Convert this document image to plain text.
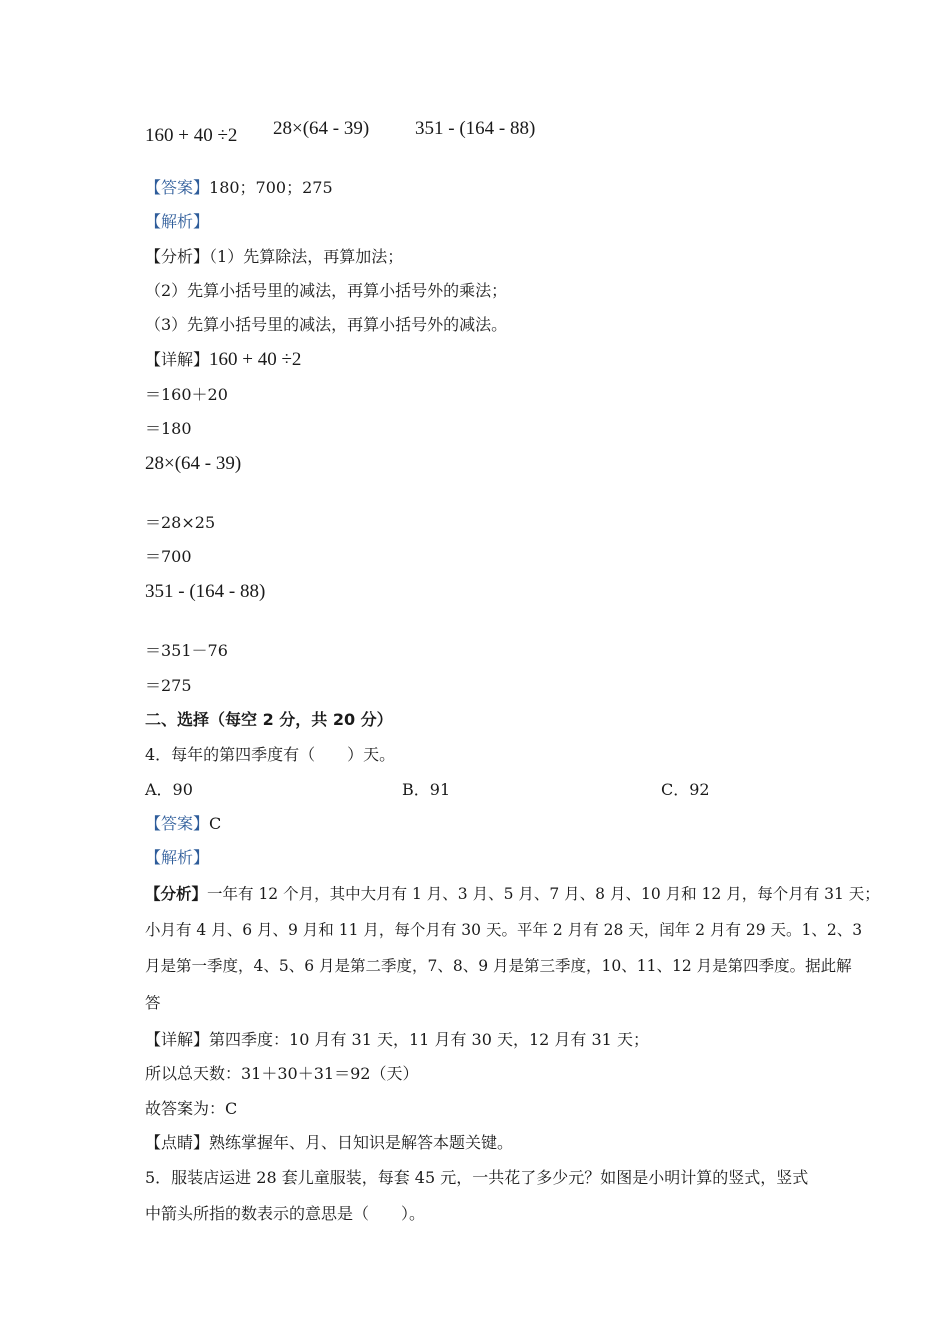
160 + 40 ÷2 28×(64 - 39) 351 - (164 - 88)
【答案】180；700；275
【解析】
【分析】（1）先算除法，再算加法；
（2）先算小括号里的减法，再算小括号外的乘法；
（3）先算小括号里的减法，再算小括号外的减法。
【详解】160 + 40 ÷2
＝160＋20
＝180
28×(64 - 39)
＝28×25
＝700
351 - (164 - 88)
＝351－76
＝275
二、选择（每空 2 分，共 20 分）
4．每年的第四季度有（　　）天。
A．90	B．91	C．92
【答案】C
【解析】
【分析】一年有 12 个月，其中大月有 1 月、3 月、5 月、7 月、8 月、10 月和 12 月，每个月有 31 天；
小月有 4 月、6 月、9 月和 11 月，每个月有 30 天。平年 2 月有 28 天，闰年 2 月有 29 天。1、2、3
月是第一季度，4、5、6 月是第二季度，7、8、9 月是第三季度，10、11、12 月是第四季度。据此解
答
【详解】第四季度：10 月有 31 天，11 月有 30 天，12 月有 31 天；
所以总天数：31＋30＋31＝92（天）
故答案为：C
【点睛】熟练掌握年、月、日知识是解答本题关键。
5．服装店运进 28 套儿童服装，每套 45 元，一共花了多少元？如图是小明计算的竖式，竖式
中箭头所指的数表示的意思是（　　）。
